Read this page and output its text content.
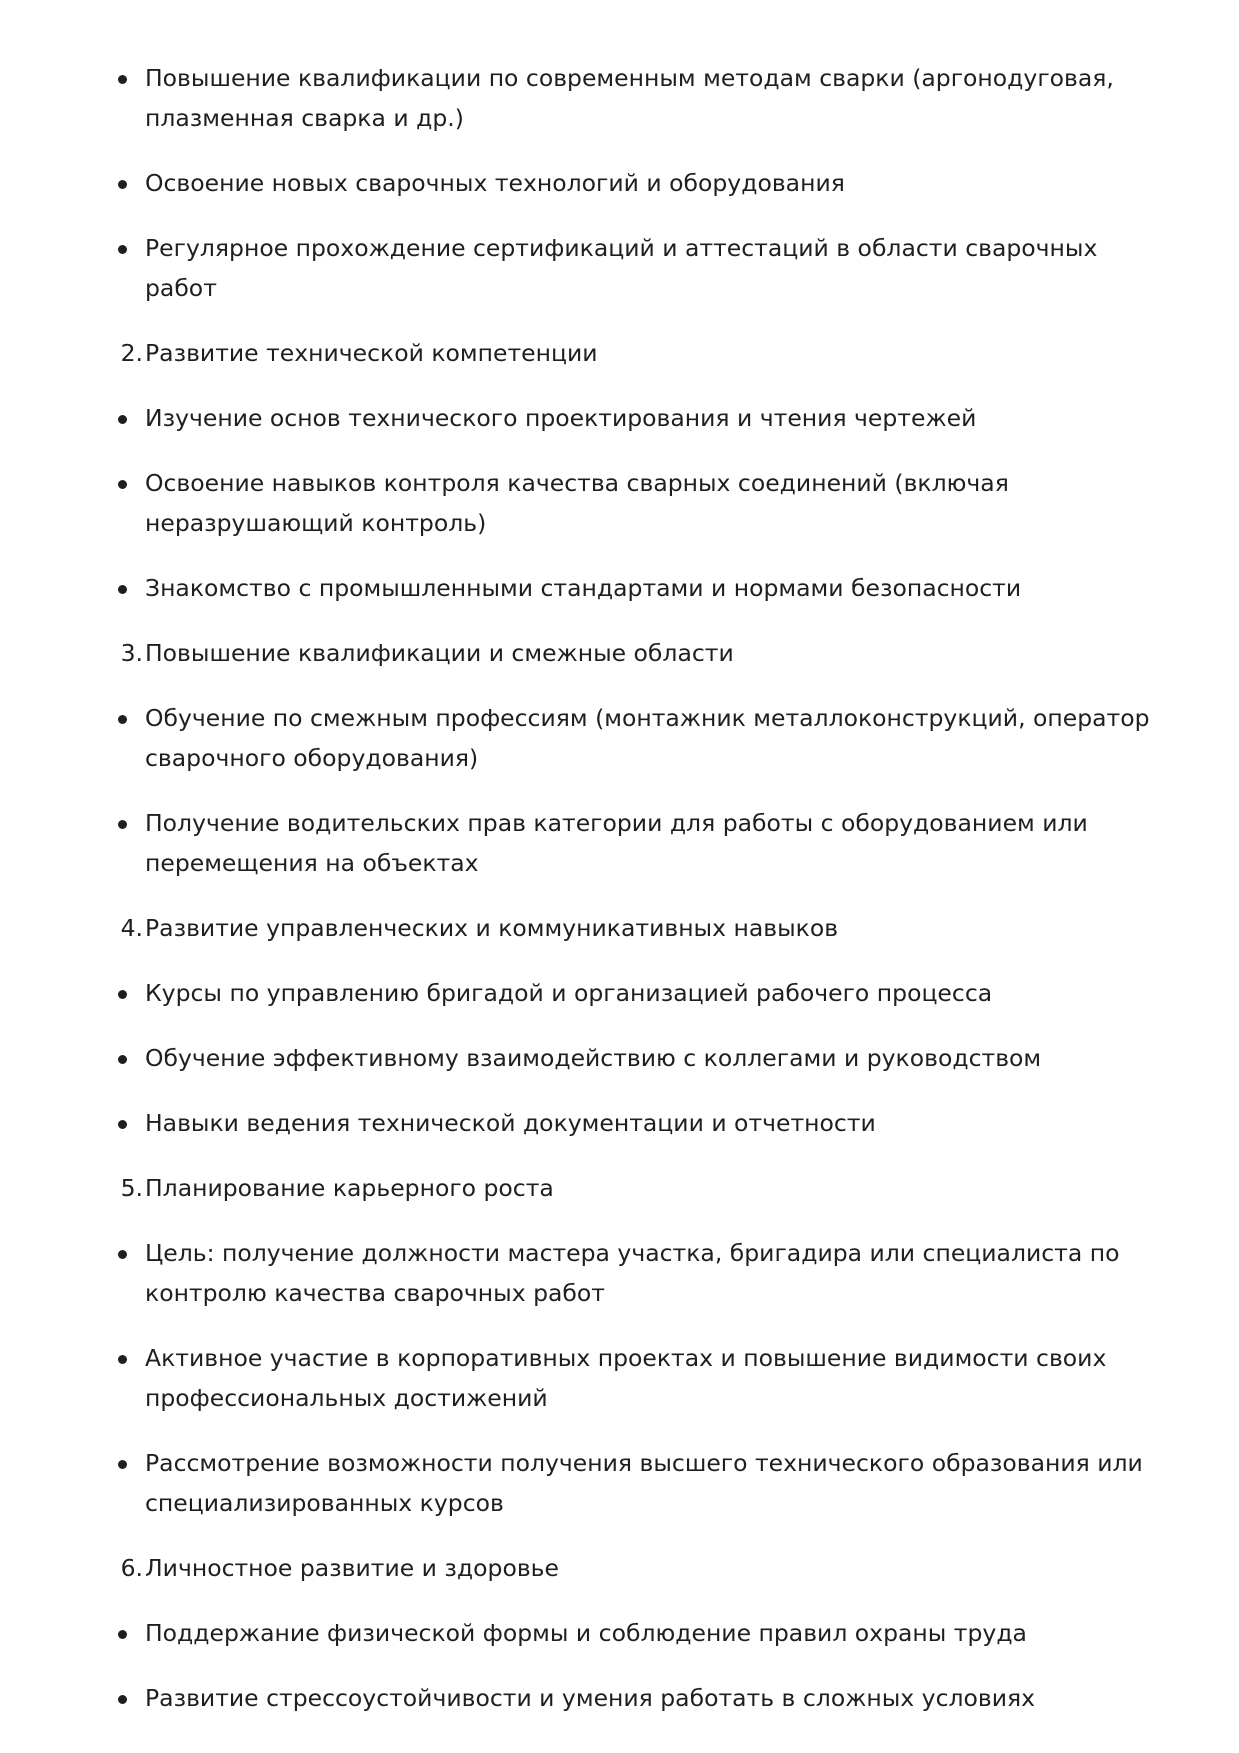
Повышение квалификации по современным методам сварки (аргонодуговая, плазменная сварка и др.)
Освоение новых сварочных технологий и оборудования
Регулярное прохождение сертификаций и аттестаций в области сварочных работ
2. Развитие технической компетенции
Изучение основ технического проектирования и чтения чертежей
Освоение навыков контроля качества сварных соединений (включая неразрушающий контроль)
Знакомство с промышленными стандартами и нормами безопасности
3. Повышение квалификации и смежные области
Обучение по смежным профессиям (монтажник металлоконструкций, оператор сварочного оборудования)
Получение водительских прав категории для работы с оборудованием или перемещения на объектах
4. Развитие управленческих и коммуникативных навыков
Курсы по управлению бригадой и организацией рабочего процесса
Обучение эффективному взаимодействию с коллегами и руководством
Навыки ведения технической документации и отчетности
5. Планирование карьерного роста
Цель: получение должности мастера участка, бригадира или специалиста по контролю качества сварочных работ
Активное участие в корпоративных проектах и повышение видимости своих профессиональных достижений
Рассмотрение возможности получения высшего технического образования или специализированных курсов
6. Личностное развитие и здоровье
Поддержание физической формы и соблюдение правил охраны труда
Развитие стрессоустойчивости и умения работать в сложных условиях
